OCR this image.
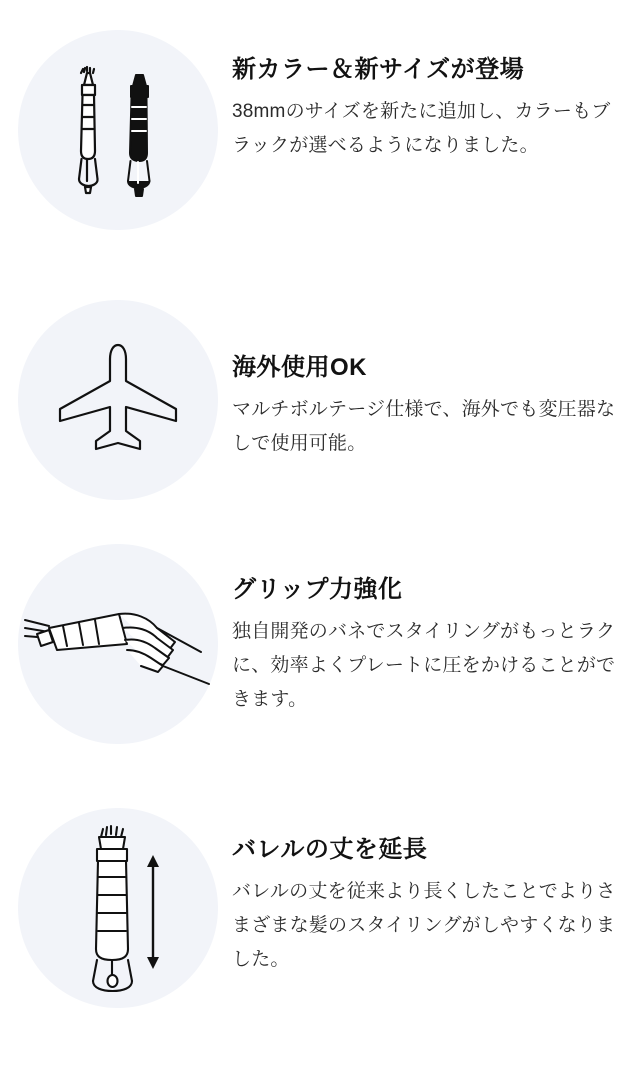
新カラー＆新サイズが登場

38mmのサイズを新たに追加し、カラーもブラックが選べるようになりました。

海外使用OK

マルチボルテージ仕様で、海外でも変圧器なしで使用可能。

グリップ力強化

独自開発のバネでスタイリングがもっとラクに、効率よくプレートに圧をかけることができます。

バレルの丈を延長

バレルの丈を従来より長くしたことでよりさまざまな髪のスタイリングがしやすくなりました。
